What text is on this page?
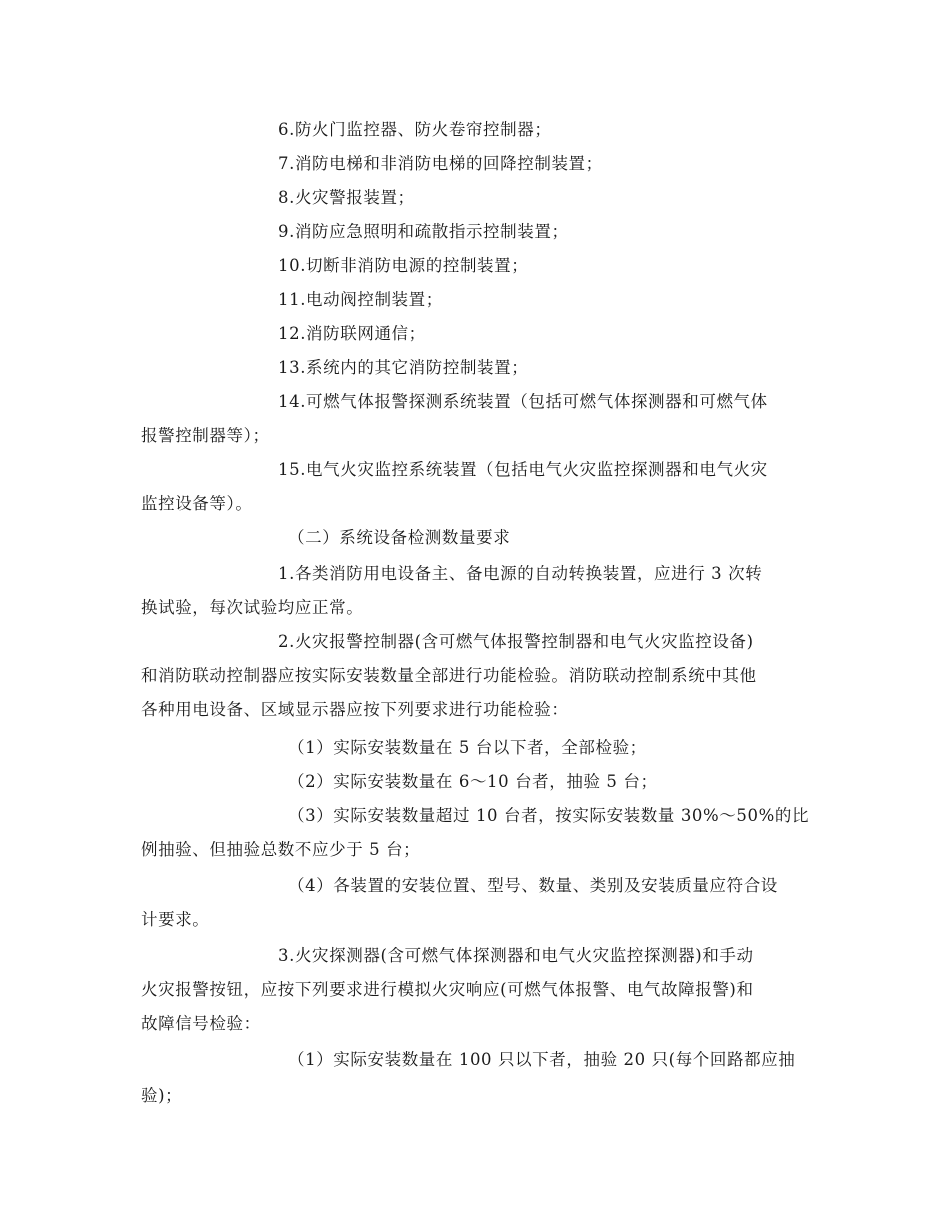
6.防火门监控器、防火卷帘控制器；
7.消防电梯和非消防电梯的回降控制装置；
8.火灾警报装置；
9.消防应急照明和疏散指示控制装置；
10.切断非消防电源的控制装置；
11.电动阀控制装置；
12.消防联网通信；
13.系统内的其它消防控制装置；
14.可燃气体报警探测系统装置（包括可燃气体探测器和可燃气体
报警控制器等）；
15.电气火灾监控系统装置（包括电气火灾监控探测器和电气火灾
监控设备等）。
（二）系统设备检测数量要求
1.各类消防用电设备主、备电源的自动转换装置，应进行 3 次转
换试验，每次试验均应正常。
2.火灾报警控制器(含可燃气体报警控制器和电气火灾监控设备)
和消防联动控制器应按实际安装数量全部进行功能检验。消防联动控制系统中其他
各种用电设备、区域显示器应按下列要求进行功能检验：
（1）实际安装数量在 5 台以下者，全部检验；
（2）实际安装数量在 6～10 台者，抽验 5 台；
（3）实际安装数量超过 10 台者，按实际安装数量 30%～50%的比
例抽验、但抽验总数不应少于 5 台；
（4）各装置的安装位置、型号、数量、类别及安装质量应符合设
计要求。
3.火灾探测器(含可燃气体探测器和电气火灾监控探测器)和手动
火灾报警按钮，应按下列要求进行模拟火灾响应(可燃气体报警、电气故障报警)和
故障信号检验：
（1）实际安装数量在 100 只以下者，抽验 20 只(每个回路都应抽
验)；
